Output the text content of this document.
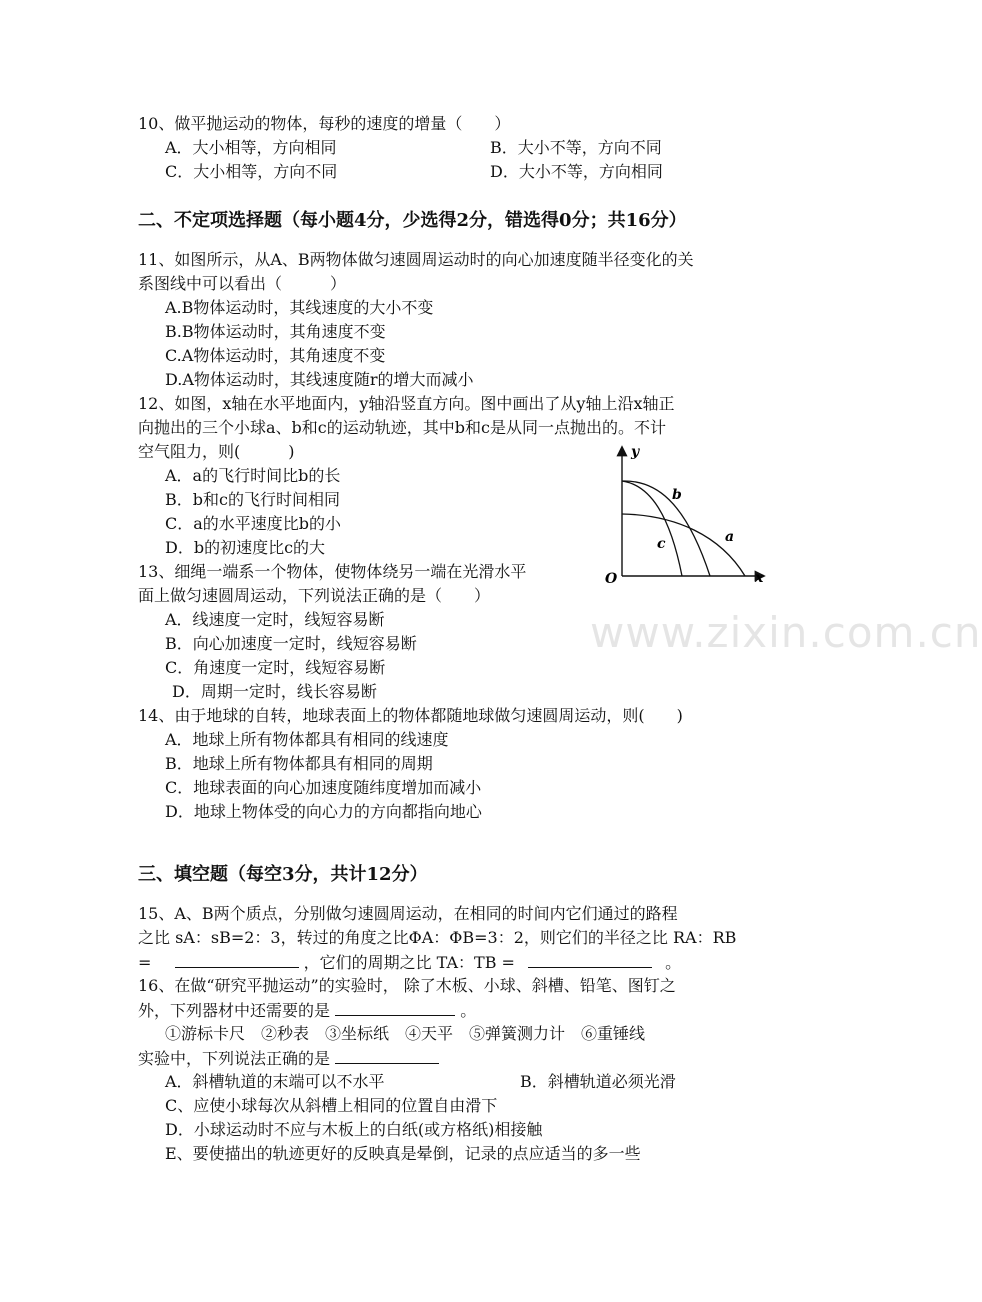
10、做平抛运动的物体，每秒的速度的增量（　　）
A．大小相等，方向相同	B．大小不等，方向不同
C．大小相等，方向不同	D．大小不等，方向相同
二、不定项选择题（每小题4分，少选得2分，错选得0分；共16分）
11、如图所示，从A、B两物体做匀速圆周运动时的向心加速度随半径变化的关
系图线中可以看出（　　　）
A.B物体运动时，其线速度的大小不变
B.B物体运动时，其角速度不变
C.A物体运动时，其角速度不变
D.A物体运动时，其线速度随r的增大而减小
12、如图，x轴在水平地面内，y轴沿竖直方向。图中画出了从y轴上沿x轴正
向抛出的三个小球a、b和c的运动轨迹，其中b和c是从同一点抛出的。不计
空气阻力，则(　　　)
A．a的飞行时间比b的长
B．b和c的飞行时间相同
C．a的水平速度比b的小
D．b的初速度比c的大
y
x
O
b
c	a
13、细绳一端系一个物体，使物体绕另一端在光滑水平
面上做匀速圆周运动，下列说法正确的是（　　）
A．线速度一定时，线短容易断
B．向心加速度一定时，线短容易断
C．角速度一定时，线短容易断
D．周期一定时，线长容易断
14、由于地球的自转，地球表面上的物体都随地球做匀速圆周运动，则(　　)
A．地球上所有物体都具有相同的线速度
B．地球上所有物体都具有相同的周期
C．地球表面的向心加速度随纬度增加而减小
D．地球上物体受的向心力的方向都指向地心
三、填空题（每空3分，共计12分）
15、A、B两个质点，分别做匀速圆周运动，在相同的时间内它们通过的路程
之比 sA：sB=2：3，转过的角度之比ΦA：ΦB=3：2，则它们的半径之比 RA：RB
=	，它们的周期之比 TA：TB =	。
16、在做“研究平抛运动”的实验时， 除了木板、小球、斜槽、铅笔、图钉之
外，下列器材中还需要的是	。
①游标卡尺　②秒表　③坐标纸　④天平　⑤弹簧测力计　⑥重锤线
实验中，下列说法正确的是
A．斜槽轨道的末端可以不水平	B．斜槽轨道必须光滑
C、应使小球每次从斜槽上相同的位置自由滑下
D．小球运动时不应与木板上的白纸(或方格纸)相接触
E、要使描出的轨迹更好的反映真是晕倒，记录的点应适当的多一些
www.zixin.com.cn
